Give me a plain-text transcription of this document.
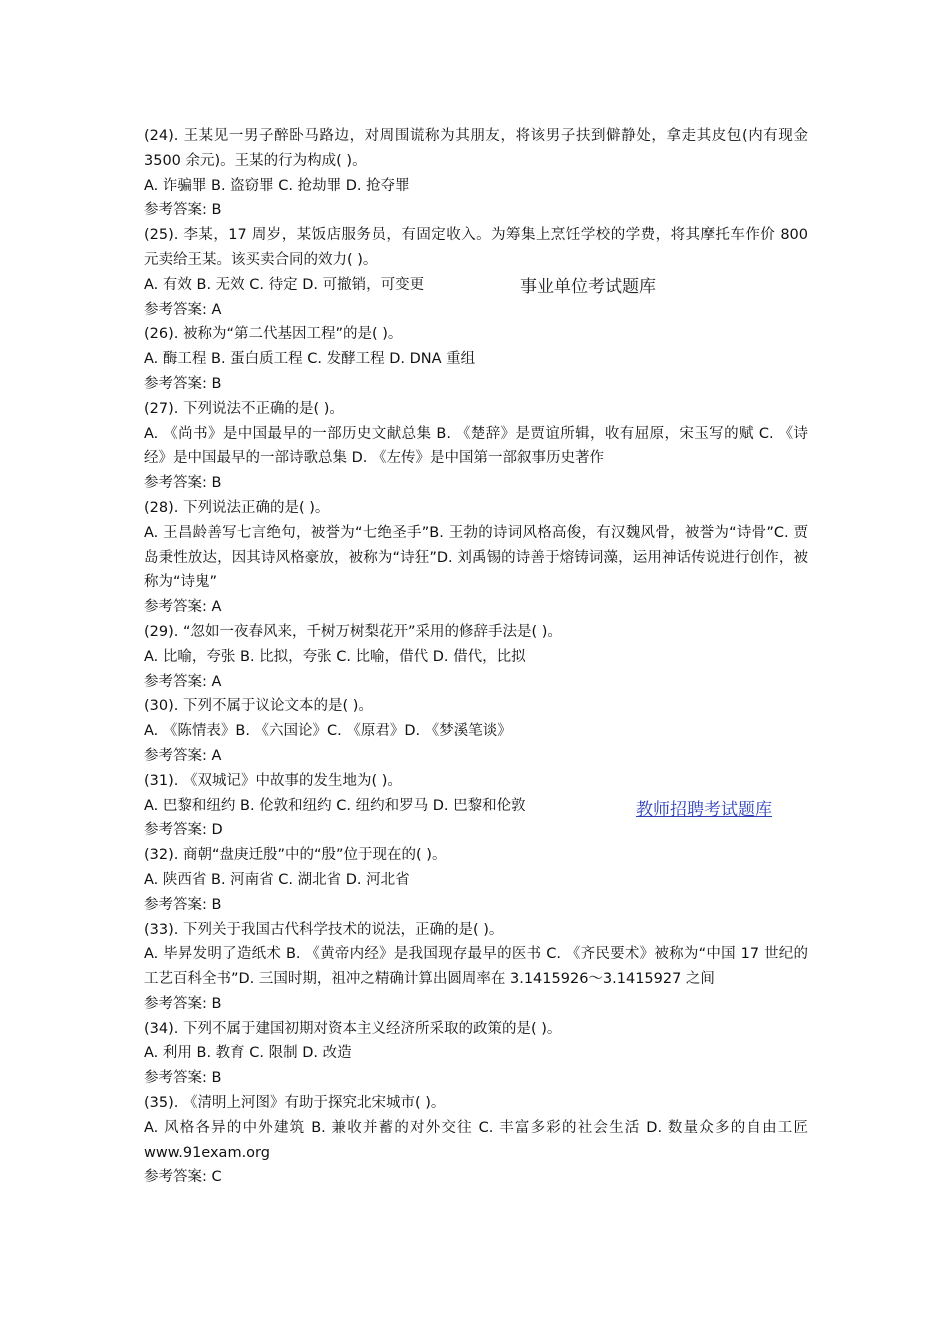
(24). 王某见一男子醉卧马路边，对周围谎称为其朋友，将该男子扶到僻静处，拿走其皮包(内有现金 3500 余元)。王某的行为构成( )。

A. 诈骗罪 B. 盗窃罪 C. 抢劫罪 D. 抢夺罪

参考答案: B

(25). 李某，17 周岁，某饭店服务员，有固定收入。为筹集上烹饪学校的学费，将其摩托车作价 800 元卖给王某。该买卖合同的效力( )。

A. 有效 B. 无效 C. 待定 D. 可撤销，可变更

参考答案: A

(26). 被称为“第二代基因工程”的是( )。

A. 酶工程 B. 蛋白质工程 C. 发酵工程 D. DNA 重组

参考答案: B

(27). 下列说法不正确的是( )。

A. 《尚书》是中国最早的一部历史文献总集 B. 《楚辞》是贾谊所辑，收有屈原，宋玉写的赋 C. 《诗经》是中国最早的一部诗歌总集 D. 《左传》是中国第一部叙事历史著作

参考答案: B

(28). 下列说法正确的是( )。

A. 王昌龄善写七言绝句，被誉为“七绝圣手”B. 王勃的诗词风格高俊，有汉魏风骨，被誉为“诗骨”C. 贾岛秉性放达，因其诗风格豪放，被称为“诗狂”D. 刘禹锡的诗善于熔铸词藻，运用神话传说进行创作，被称为“诗鬼”

参考答案: A

(29). “忽如一夜春风来，千树万树梨花开”采用的修辞手法是( )。

A. 比喻，夸张 B. 比拟，夸张 C. 比喻，借代 D. 借代，比拟

参考答案: A

(30). 下列不属于议论文本的是( )。

A. 《陈情表》B. 《六国论》C. 《原君》D. 《梦溪笔谈》

参考答案: A

(31). 《双城记》中故事的发生地为( )。

A. 巴黎和纽约 B. 伦敦和纽约 C. 纽约和罗马 D. 巴黎和伦敦

参考答案: D

(32). 商朝“盘庚迁殷”中的“殷”位于现在的( )。

A. 陕西省 B. 河南省 C. 湖北省 D. 河北省

参考答案: B

(33). 下列关于我国古代科学技术的说法，正确的是( )。

A. 毕昇发明了造纸术 B. 《黄帝内经》是我国现存最早的医书 C. 《齐民要术》被称为“中国 17 世纪的工艺百科全书”D. 三国时期，祖冲之精确计算出圆周率在 3.1415926～3.1415927 之间

参考答案: B

(34). 下列不属于建国初期对资本主义经济所采取的政策的是( )。

A. 利用 B. 教育 C. 限制 D. 改造

参考答案: B

(35). 《清明上河图》有助于探究北宋城市( )。

A. 风格各异的中外建筑 B. 兼收并蓄的对外交往 C. 丰富多彩的社会生活 D. 数量众多的自由工匠 www.91exam.org

参考答案: C

事业单位考试题库
教师招聘考试题库
